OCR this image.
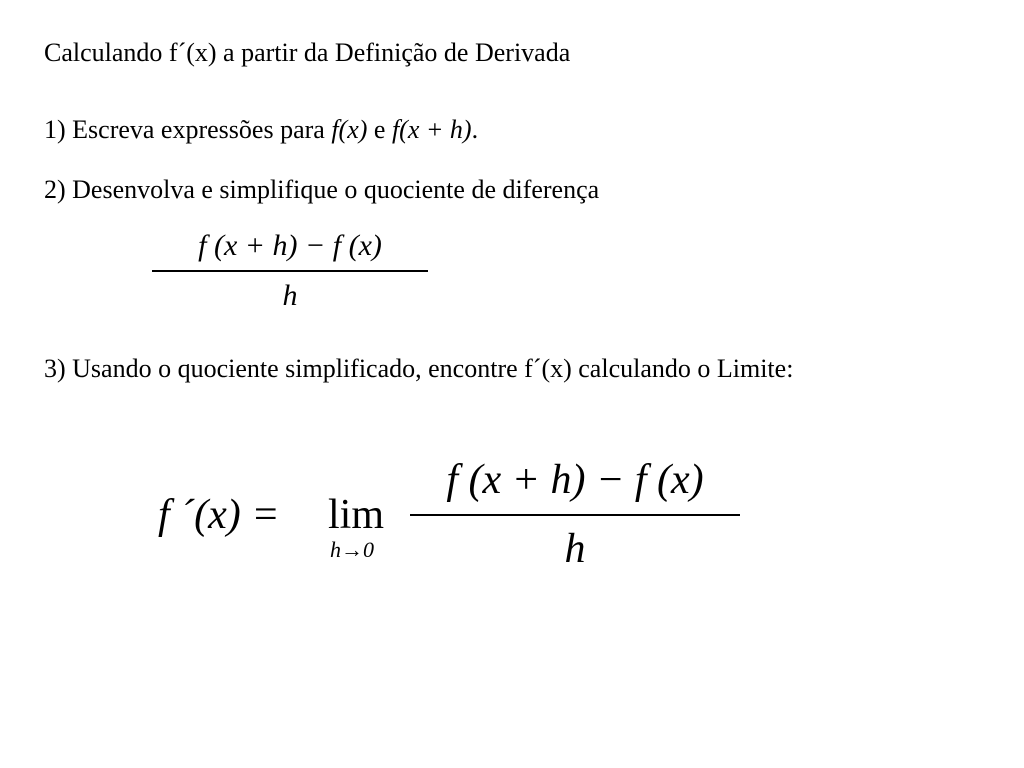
Calculando f´(x) a partir da Definição de Derivada
1) Escreva expressões para f(x) e f(x + h).
2) Desenvolva e simplifique o quociente de diferença
f (x + h) − f (x)
h
3) Usando o quociente simplificado, encontre f´(x) calculando o Limite:
f ´(x) = lim
h→0
f (x + h) − f (x)
h
